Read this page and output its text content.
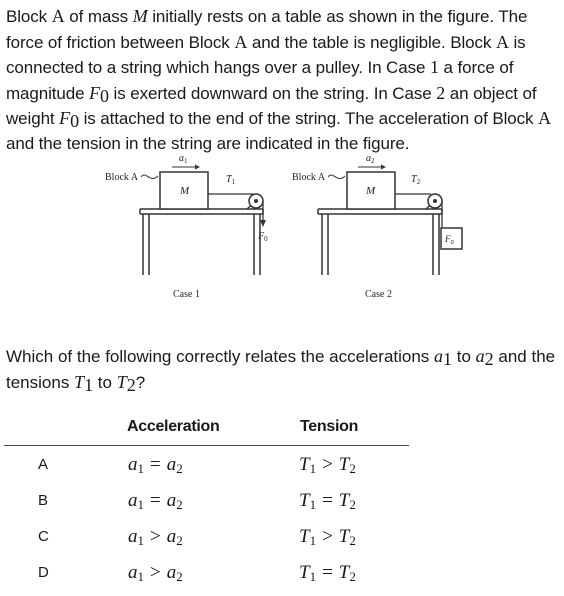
Block A of mass M initially rests on a table as shown in the figure. The force of friction between Block A and the table is negligible. Block A is connected to a string which hangs over a pulley. In Case 1 a force of magnitude $F_0$ is exerted downward on the string. In Case 2 an object of weight $F_0$ is attached to the end of the string. The acceleration of Block A and the tension in the string are indicated in the figure.
M
$F_0$
$a_1$
$T_1$
Block A
Case 1
M
$F_0$
$a_2$
$T_2$
Block A
Case 2
Which of the following correctly relates the accelerations $a_1$ to $a_2$ and the tensions $T_1$ to $T_2$?
Acceleration	Tension
A	$a_1 = a_2$	$T_1 > T_2$
B	$a_1 = a_2$	$T_1 = T_2$
C	$a_1 > a_2$	$T_1 > T_2$
D	$a_1 > a_2$	$T_1 = T_2$
